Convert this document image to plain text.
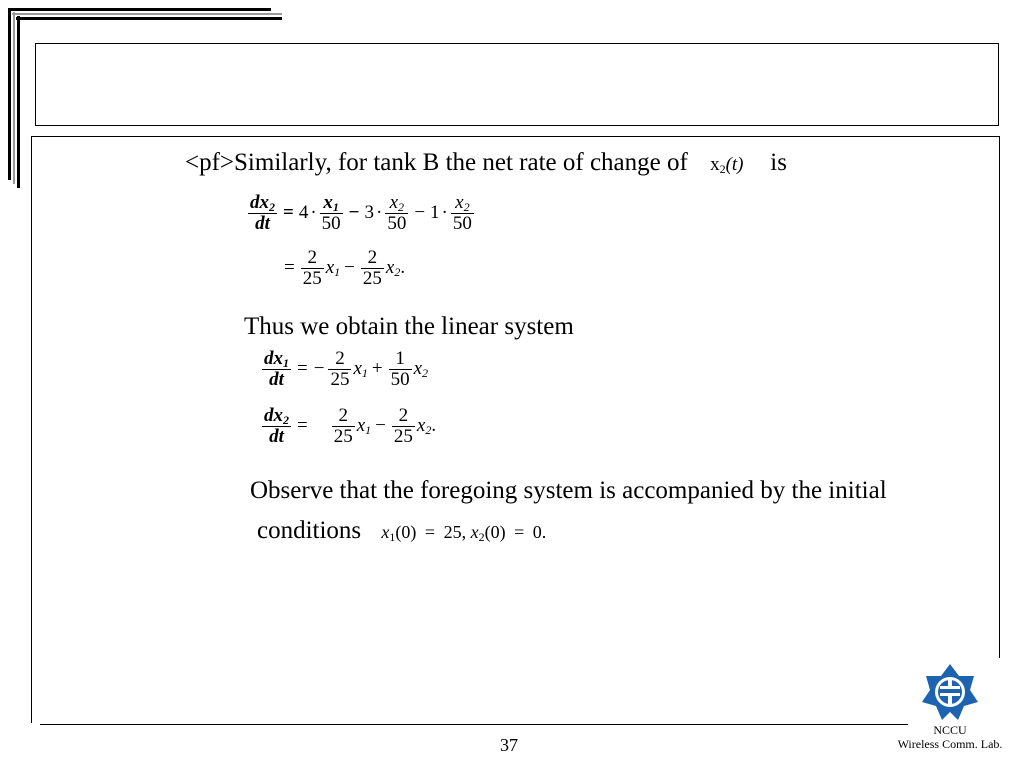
<pf>Similarly, for tank B the net rate of change of x2(t) is
$\frac{dx2}{dt} = 4 \cdot \frac{x1}{50} - 3 \cdot \frac{x2}{50} - 1 \cdot \frac{x2}{50}$
= $\frac{2}{25} x1 - \frac{2}{25} x2$ .
Thus we obtain the linear system
$\frac{dx1}{dt}$ = − $\frac{2}{25} x1 + \frac{1}{50} x2$
$\frac{dx2}{dt} = \frac{2}{25} x1 - \frac{2}{25} x2$ .
Observe that the foregoing system is accompanied by the initial
conditions x1(0) = 25, x2(0) = 0.
37
NCCU
Wireless Comm. Lab.
